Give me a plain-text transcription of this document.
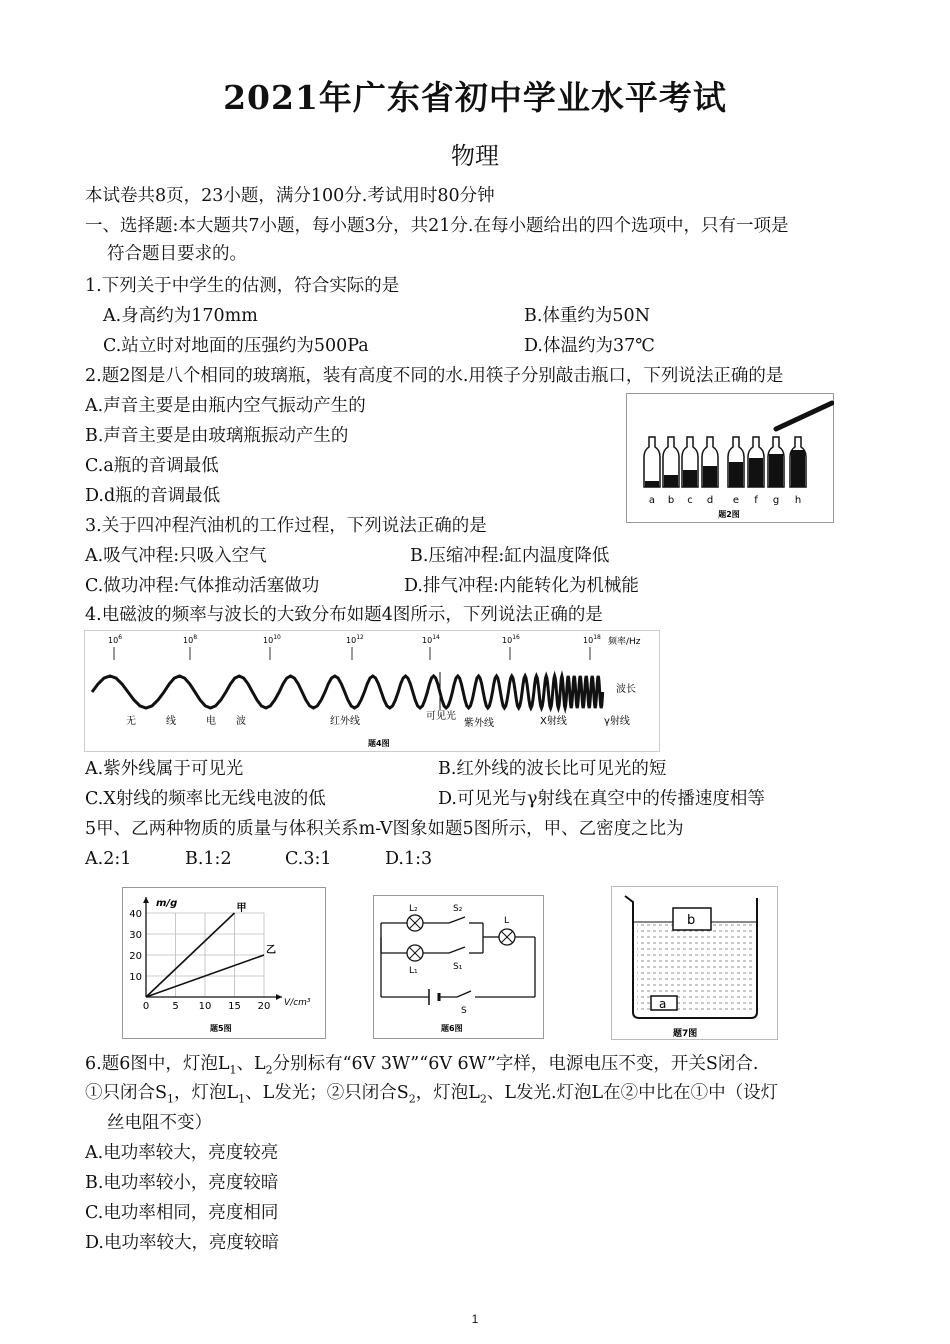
2021年广东省初中学业水平考试
物理
本试卷共8页，23小题，满分100分.考试用时80分钟
一、选择题:本大题共7小题，每小题3分，共21分.在每小题给出的四个选项中，只有一项是
符合题目要求的。
1.下列关于中学生的估测，符合实际的是
A.身高约为170mm	B.体重约为50N
C.站立时对地面的压强约为500Pa	D.体温约为37℃
2.题2图是八个相同的玻璃瓶，装有高度不同的水.用筷子分别敲击瓶口，下列说法正确的是
A.声音主要是由瓶内空气振动产生的
B.声音主要是由玻璃瓶振动产生的
C.a瓶的音调最低
D.d瓶的音调最低	a b c d e f g h
题2图
3.关于四冲程汽油机的工作过程，下列说法正确的是
A.吸气冲程:只吸入空气	B.压缩冲程:缸内温度降低
C.做功冲程:气体推动活塞做功	D.排气冲程:内能转化为机械能
4.电磁波的频率与波长的大致分布如题4图所示，下列说法正确的是
$10^6$	$10^8$	$10^{10}$	$10^{12}$	$10^{14}$	$10^{16}$	$10^{18}$ 频率/Hz
波长
无	线	电 波	红外线	可见光
紫外线	X射线	γ射线
题4图
A.紫外线属于可见光	B.红外线的波长比可见光的短
C.X射线的频率比无线电波的低	D.可见光与γ射线在真空中的传播速度相等
5甲、乙两种物质的质量与体积关系m-V图象如题5图所示，甲、乙密度之比为
A.2:1	B.1:2	C.3:1	D.1:3
甲
乙
0 5 10 15 20
10
20
30
40
m/g
V/cm³
题5图
L₂	S₂
L₁	S₁
L
S
题6图
b
a
题7图
6.题6图中，灯泡$L_1$、$L_2$分别标有“6V 3W”“6V 6W”字样，电源电压不变，开关S闭合.
①只闭合$S_1$，灯泡$L_1$、L发光；②只闭合$S_2$，灯泡$L_2$、L发光.灯泡L在②中比在①中（设灯
丝电阻不变）
A.电功率较大，亮度较亮
B.电功率较小，亮度较暗
C.电功率相同，亮度相同
D.电功率较大，亮度较暗
1
